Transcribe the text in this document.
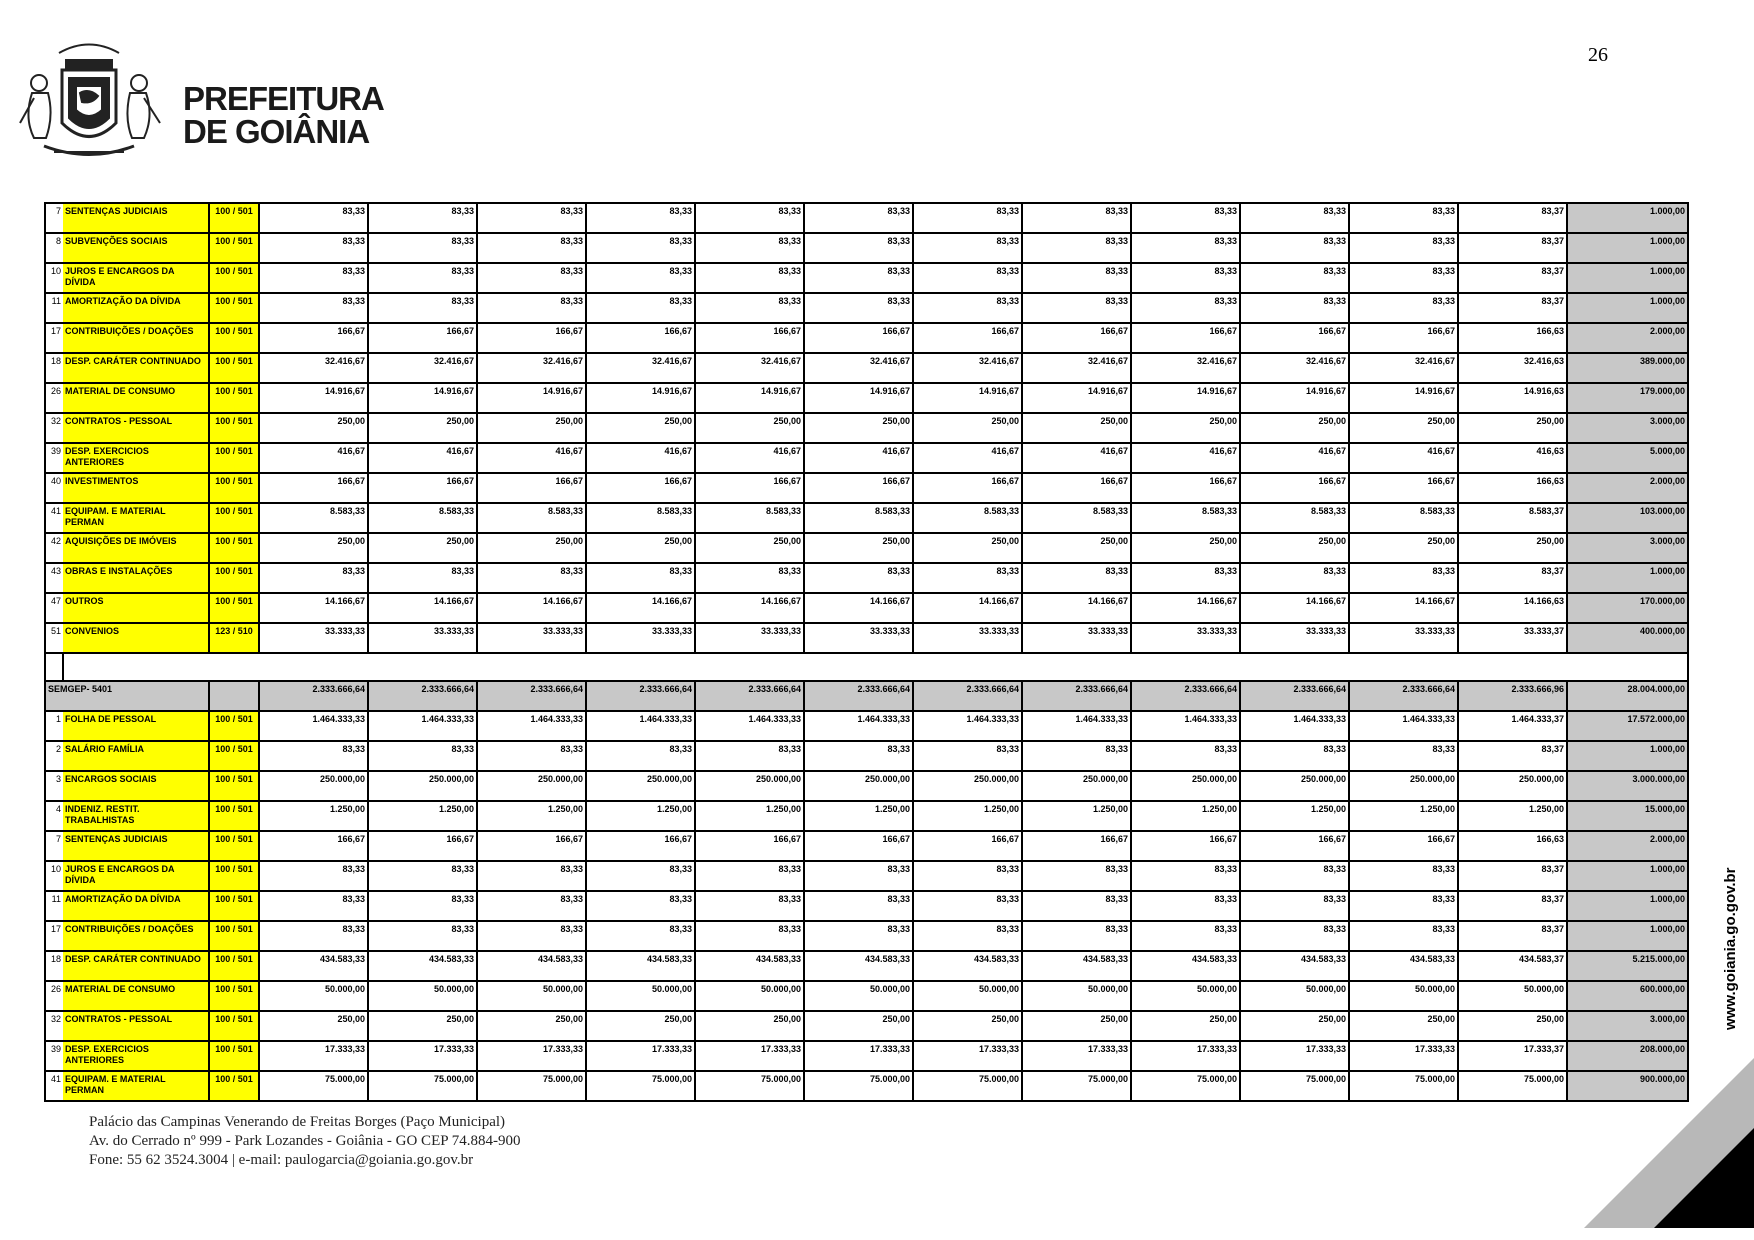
PREFEITURA
DE GOIÂNIA
26
7	SENTENÇAS JUDICIAIS	100 / 501	83,33	83,33	83,33	83,33	83,33	83,33	83,33	83,33	83,33	83,33	83,33	83,37	1.000,00
8	SUBVENÇÕES SOCIAIS	100 / 501	83,33	83,33	83,33	83,33	83,33	83,33	83,33	83,33	83,33	83,33	83,33	83,37	1.000,00
10	JUROS E ENCARGOS DA DÍVIDA	100 / 501	83,33	83,33	83,33	83,33	83,33	83,33	83,33	83,33	83,33	83,33	83,33	83,37	1.000,00
11	AMORTIZAÇÃO DA DÍVIDA	100 / 501	83,33	83,33	83,33	83,33	83,33	83,33	83,33	83,33	83,33	83,33	83,33	83,37	1.000,00
17	CONTRIBUIÇÕES / DOAÇÕES	100 / 501	166,67	166,67	166,67	166,67	166,67	166,67	166,67	166,67	166,67	166,67	166,67	166,63	2.000,00
18	DESP. CARÁTER CONTINUADO	100 / 501	32.416,67	32.416,67	32.416,67	32.416,67	32.416,67	32.416,67	32.416,67	32.416,67	32.416,67	32.416,67	32.416,67	32.416,63	389.000,00
26	MATERIAL DE CONSUMO	100 / 501	14.916,67	14.916,67	14.916,67	14.916,67	14.916,67	14.916,67	14.916,67	14.916,67	14.916,67	14.916,67	14.916,67	14.916,63	179.000,00
32	CONTRATOS - PESSOAL	100 / 501	250,00	250,00	250,00	250,00	250,00	250,00	250,00	250,00	250,00	250,00	250,00	250,00	3.000,00
39	DESP. EXERCICIOS ANTERIORES	100 / 501	416,67	416,67	416,67	416,67	416,67	416,67	416,67	416,67	416,67	416,67	416,67	416,63	5.000,00
40	INVESTIMENTOS	100 / 501	166,67	166,67	166,67	166,67	166,67	166,67	166,67	166,67	166,67	166,67	166,67	166,63	2.000,00
41	EQUIPAM. E MATERIAL PERMAN	100 / 501	8.583,33	8.583,33	8.583,33	8.583,33	8.583,33	8.583,33	8.583,33	8.583,33	8.583,33	8.583,33	8.583,33	8.583,37	103.000,00
42	AQUISIÇÕES DE IMÓVEIS	100 / 501	250,00	250,00	250,00	250,00	250,00	250,00	250,00	250,00	250,00	250,00	250,00	250,00	3.000,00
43	OBRAS E INSTALAÇÕES	100 / 501	83,33	83,33	83,33	83,33	83,33	83,33	83,33	83,33	83,33	83,33	83,33	83,37	1.000,00
47	OUTROS	100 / 501	14.166,67	14.166,67	14.166,67	14.166,67	14.166,67	14.166,67	14.166,67	14.166,67	14.166,67	14.166,67	14.166,67	14.166,63	170.000,00
51	CONVENIOS	123 / 510	33.333,33	33.333,33	33.333,33	33.333,33	33.333,33	33.333,33	33.333,33	33.333,33	33.333,33	33.333,33	33.333,33	33.333,37	400.000,00

SEMGEP- 5401			2.333.666,64	2.333.666,64	2.333.666,64	2.333.666,64	2.333.666,64	2.333.666,64	2.333.666,64	2.333.666,64	2.333.666,64	2.333.666,64	2.333.666,64	2.333.666,96	28.004.000,00
1	FOLHA DE PESSOAL	100 / 501	1.464.333,33	1.464.333,33	1.464.333,33	1.464.333,33	1.464.333,33	1.464.333,33	1.464.333,33	1.464.333,33	1.464.333,33	1.464.333,33	1.464.333,33	1.464.333,37	17.572.000,00
2	SALÁRIO FAMÍLIA	100 / 501	83,33	83,33	83,33	83,33	83,33	83,33	83,33	83,33	83,33	83,33	83,33	83,37	1.000,00
3	ENCARGOS SOCIAIS	100 / 501	250.000,00	250.000,00	250.000,00	250.000,00	250.000,00	250.000,00	250.000,00	250.000,00	250.000,00	250.000,00	250.000,00	250.000,00	3.000.000,00
4	INDENIZ. RESTIT. TRABALHISTAS	100 / 501	1.250,00	1.250,00	1.250,00	1.250,00	1.250,00	1.250,00	1.250,00	1.250,00	1.250,00	1.250,00	1.250,00	1.250,00	15.000,00
7	SENTENÇAS JUDICIAIS	100 / 501	166,67	166,67	166,67	166,67	166,67	166,67	166,67	166,67	166,67	166,67	166,67	166,63	2.000,00
10	JUROS E ENCARGOS DA DÍVIDA	100 / 501	83,33	83,33	83,33	83,33	83,33	83,33	83,33	83,33	83,33	83,33	83,33	83,37	1.000,00
11	AMORTIZAÇÃO DA DÍVIDA	100 / 501	83,33	83,33	83,33	83,33	83,33	83,33	83,33	83,33	83,33	83,33	83,33	83,37	1.000,00
17	CONTRIBUIÇÕES / DOAÇÕES	100 / 501	83,33	83,33	83,33	83,33	83,33	83,33	83,33	83,33	83,33	83,33	83,33	83,37	1.000,00
18	DESP. CARÁTER CONTINUADO	100 / 501	434.583,33	434.583,33	434.583,33	434.583,33	434.583,33	434.583,33	434.583,33	434.583,33	434.583,33	434.583,33	434.583,33	434.583,37	5.215.000,00
26	MATERIAL DE CONSUMO	100 / 501	50.000,00	50.000,00	50.000,00	50.000,00	50.000,00	50.000,00	50.000,00	50.000,00	50.000,00	50.000,00	50.000,00	50.000,00	600.000,00
32	CONTRATOS - PESSOAL	100 / 501	250,00	250,00	250,00	250,00	250,00	250,00	250,00	250,00	250,00	250,00	250,00	250,00	3.000,00
39	DESP. EXERCICIOS ANTERIORES	100 / 501	17.333,33	17.333,33	17.333,33	17.333,33	17.333,33	17.333,33	17.333,33	17.333,33	17.333,33	17.333,33	17.333,33	17.333,37	208.000,00
41	EQUIPAM. E MATERIAL PERMAN	100 / 501	75.000,00	75.000,00	75.000,00	75.000,00	75.000,00	75.000,00	75.000,00	75.000,00	75.000,00	75.000,00	75.000,00	75.000,00	900.000,00
Palácio das Campinas Venerando de Freitas Borges (Paço Municipal)
Av. do Cerrado nº 999 - Park Lozandes - Goiânia - GO CEP 74.884-900
Fone: 55 62 3524.3004 | e-mail: paulogarcia@goiania.go.gov.br
www.goiania.go.gov.br
